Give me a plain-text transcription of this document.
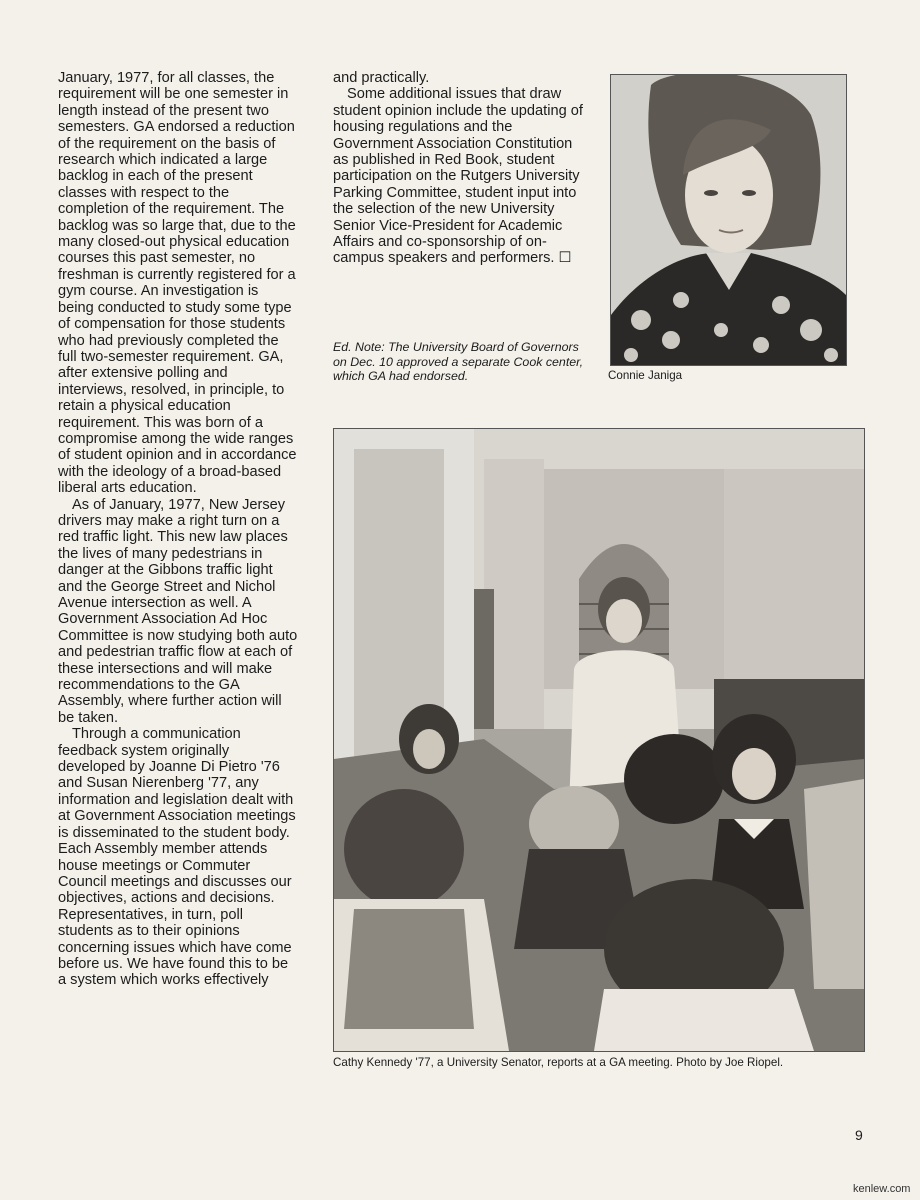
January, 1977, for all classes, the requirement will be one semester in length instead of the present two semesters. GA endorsed a reduction of the requirement on the basis of research which indicated a large backlog in each of the present classes with respect to the completion of the requirement. The backlog was so large that, due to the many closed-out physical education courses this past semester, no freshman is currently registered for a gym course. An investigation is being conducted to study some type of compensation for those students who had previously completed the full two-semester requirement. GA, after extensive polling and interviews, resolved, in principle, to retain a physical education requirement. This was born of a compromise among the wide ranges of student opinion and in accordance with the ideology of a broad-based liberal arts education.

As of January, 1977, New Jersey drivers may make a right turn on a red traffic light. This new law places the lives of many pedestrians in danger at the Gibbons traffic light and the George Street and Nichol Avenue intersection as well. A Government Association Ad Hoc Committee is now studying both auto and pedestrian traffic flow at each of these intersections and will make recommendations to the GA Assembly, where further action will be taken.

Through a communication feedback system originally developed by Joanne Di Pietro '76 and Susan Nierenberg '77, any information and legislation dealt with at Government Association meetings is disseminated to the student body. Each Assembly member attends house meetings or Commuter Council meetings and discusses our objectives, actions and decisions. Representatives, in turn, poll students as to their opinions concerning issues which have come before us. We have found this to be a system which works effectively

and practically.

Some additional issues that draw student opinion include the updating of housing regulations and the Government Association Constitution as published in Red Book, student participation on the Rutgers University Parking Committee, student input into the selection of the new University Senior Vice-President for Academic Affairs and co-sponsorship of on-campus speakers and performers. ☐

Ed. Note: The University Board of Governors on Dec. 10 approved a separate Cook center, which GA had endorsed.	Connie Janiga
Cathy Kennedy '77, a University Senator, reports at a GA meeting. Photo by Joe Riopel.
9
kenlew.com
